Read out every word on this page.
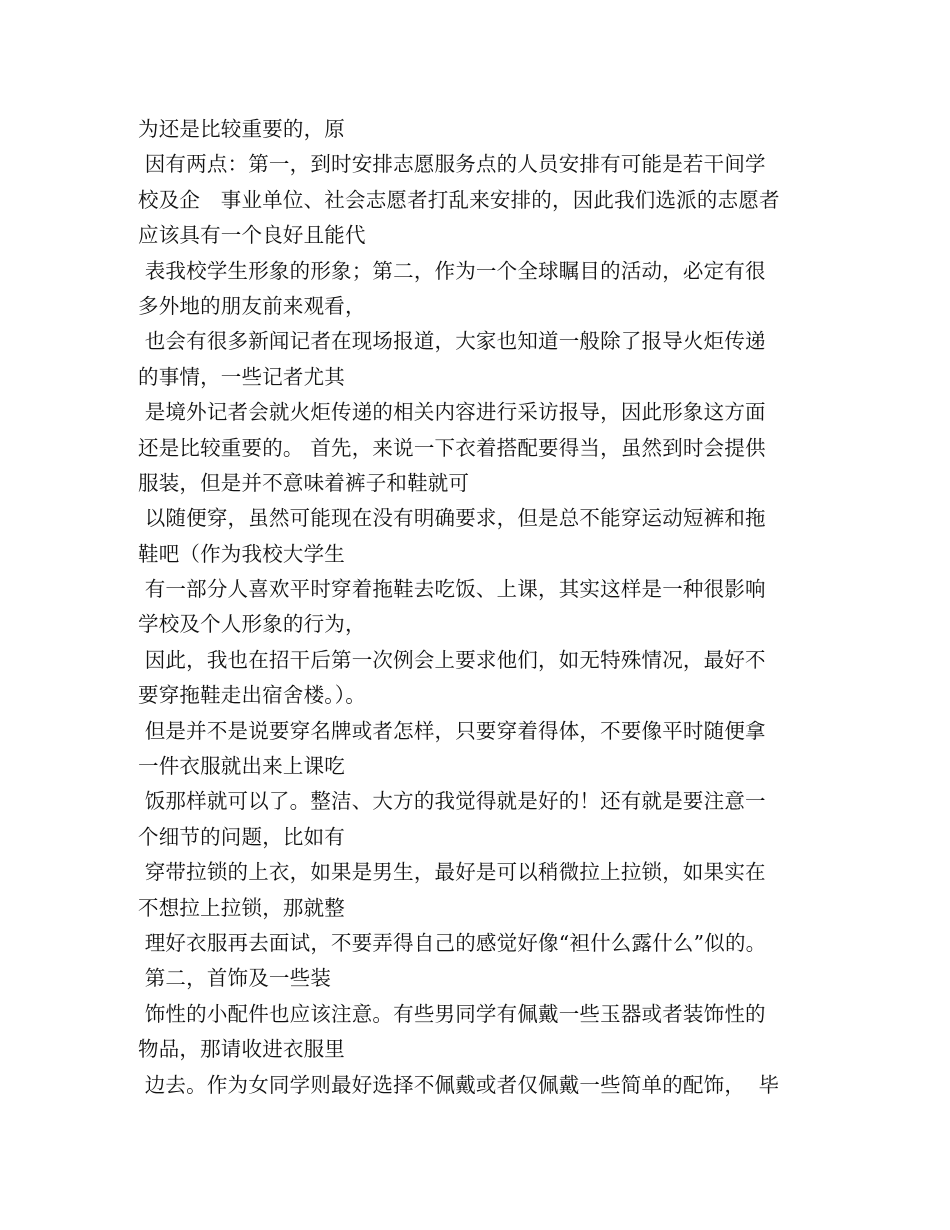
为还是比较重要的，原
因有两点：第一，到时安排志愿服务点的人员安排有可能是若干间学
校及企　事业单位、社会志愿者打乱来安排的，因此我们选派的志愿者
应该具有一个良好且能代
表我校学生形象的形象；第二，作为一个全球瞩目的活动，必定有很
多外地的朋友前来观看，
也会有很多新闻记者在现场报道，大家也知道一般除了报导火炬传递
的事情，一些记者尤其
是境外记者会就火炬传递的相关内容进行采访报导，因此形象这方面
还是比较重要的。 首先，来说一下衣着搭配要得当，虽然到时会提供
服装，但是并不意味着裤子和鞋就可
以随便穿，虽然可能现在没有明确要求，但是总不能穿运动短裤和拖
鞋吧（作为我校大学生
有一部分人喜欢平时穿着拖鞋去吃饭、上课，其实这样是一种很影响
学校及个人形象的行为，
因此，我也在招干后第一次例会上要求他们，如无特殊情况，最好不
要穿拖鞋走出宿舍楼。）。
但是并不是说要穿名牌或者怎样，只要穿着得体，不要像平时随便拿
一件衣服就出来上课吃
饭那样就可以了。整洁、大方的我觉得就是好的！还有就是要注意一
个细节的问题，比如有
穿带拉锁的上衣，如果是男生，最好是可以稍微拉上拉锁，如果实在
不想拉上拉锁，那就整
理好衣服再去面试，不要弄得自己的感觉好像“袒什么露什么”似的。
第二，首饰及一些装
饰性的小配件也应该注意。有些男同学有佩戴一些玉器或者装饰性的
物品，那请收进衣服里
边去。作为女同学则最好选择不佩戴或者仅佩戴一些简单的配饰，  毕
